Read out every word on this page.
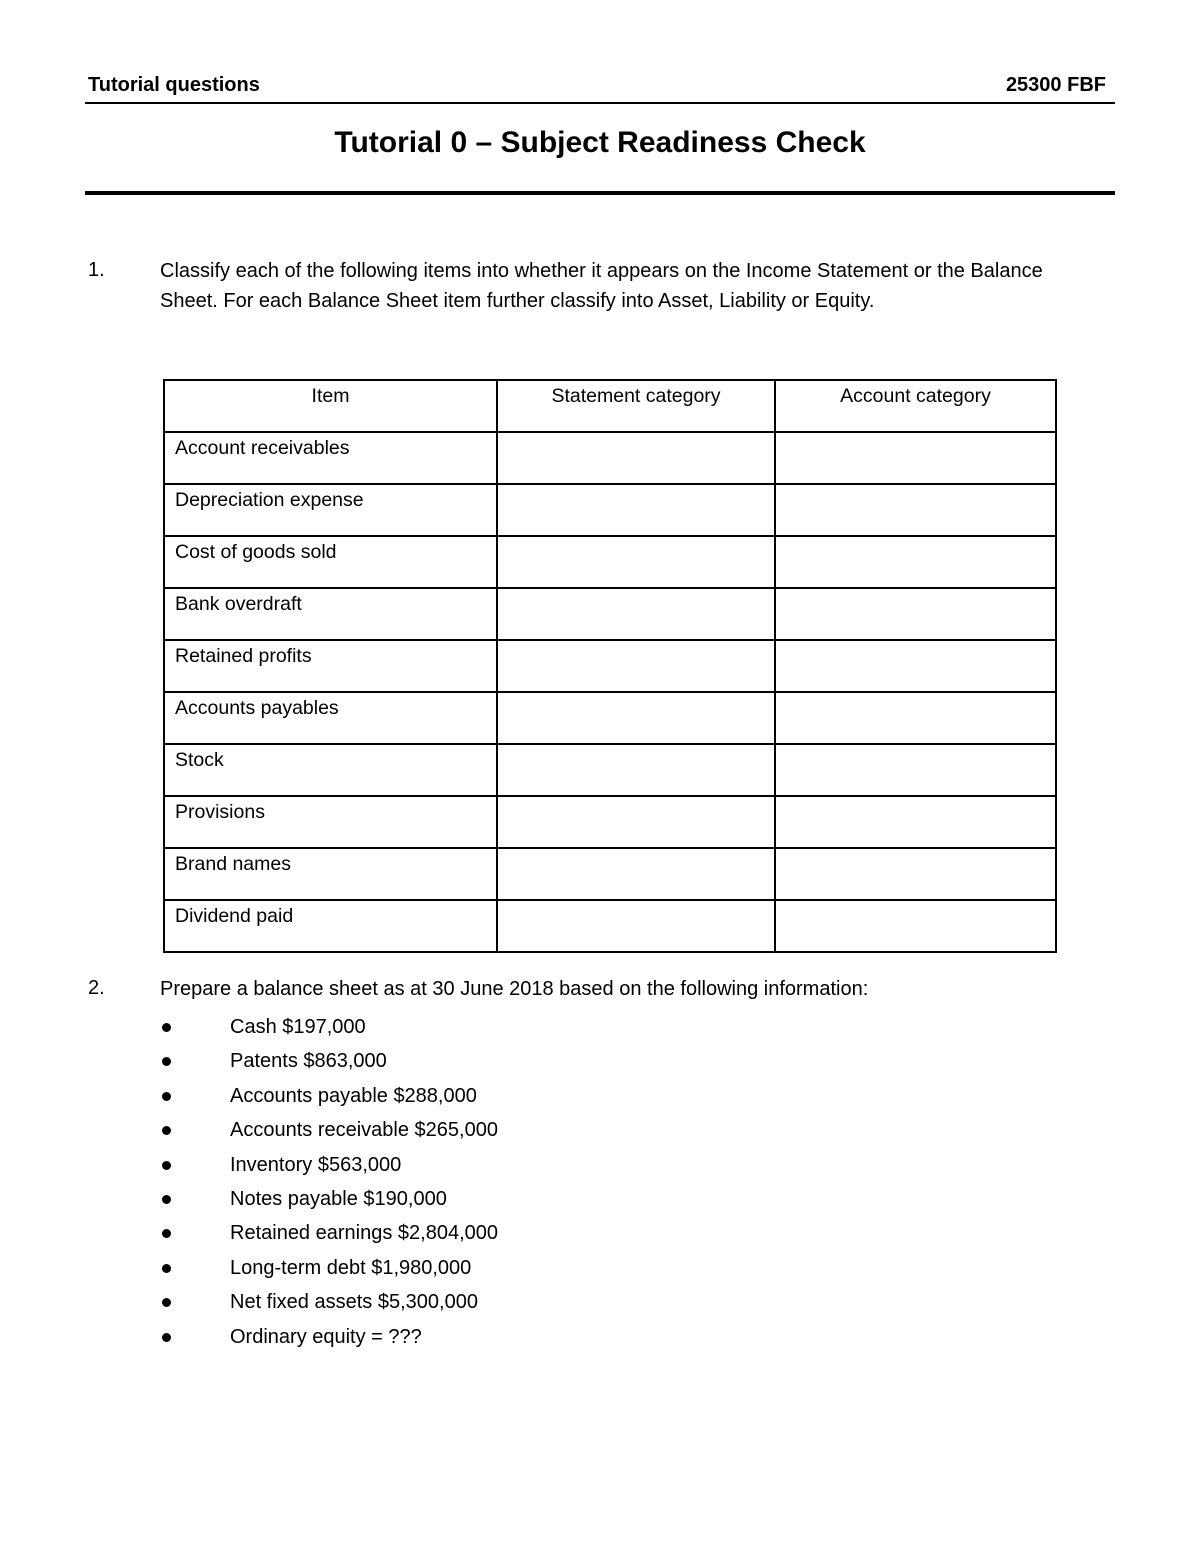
Tutorial questions	25300 FBF
Tutorial 0 – Subject Readiness Check
1.	Classify each of the following items into whether it appears on the Income Statement or the Balance Sheet. For each Balance Sheet item further classify into Asset, Liability or Equity.
Item	Statement category	Account category
Account receivables		
Depreciation expense		
Cost of goods sold		
Bank overdraft		
Retained profits		
Accounts payables		
Stock		
Provisions		
Brand names		
Dividend paid		
2.	Prepare a balance sheet as at 30 June 2018 based on the following information:
Cash $197,000
Patents $863,000
Accounts payable $288,000
Accounts receivable $265,000
Inventory $563,000
Notes payable $190,000
Retained earnings $2,804,000
Long-term debt $1,980,000
Net fixed assets $5,300,000
Ordinary equity = ???
